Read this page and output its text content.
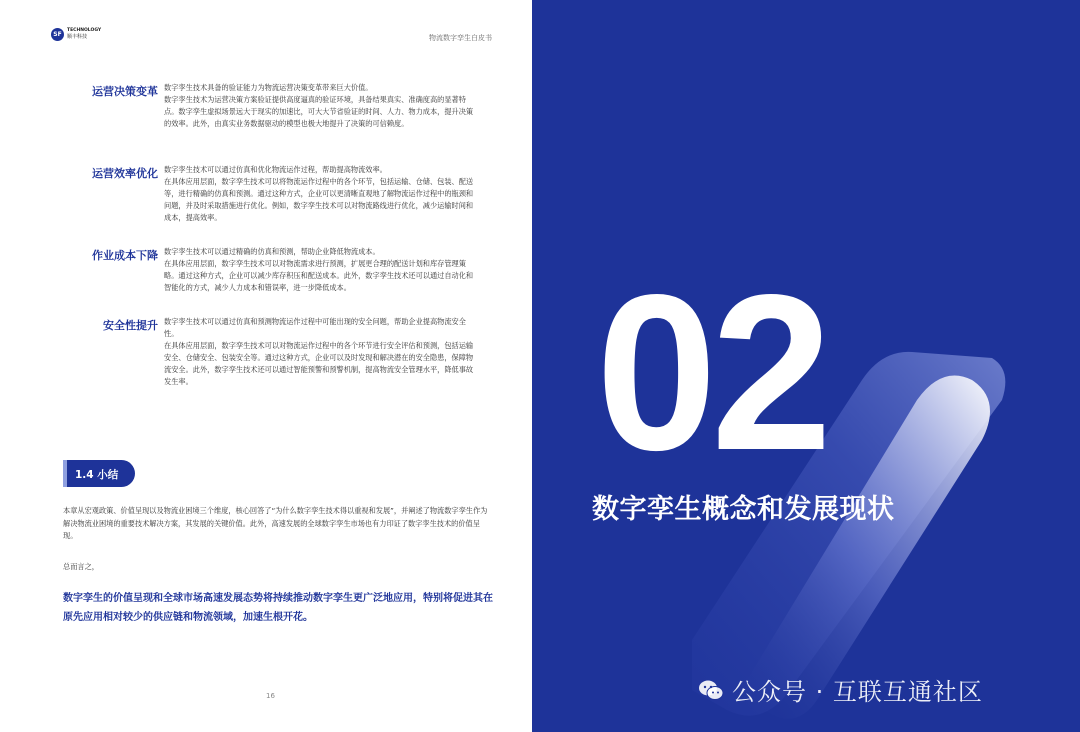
SF
TECHNOLOGY
顺丰科技	物流数字孪生白皮书
运营决策变革 数字孪生技术具备的验证能力为物流运营决策变革带来巨大价值。

数字孪生技术为运营决策方案验证提供高度逼真的验证环境，具备结果真实、准确度高的显著特点。数字孪生虚拟场景远大于现实的加速比，可大大节省验证的时间、人力、物力成本，提升决策的效率。此外，由真实业务数据驱动的模型也极大地提升了决策的可信赖度。

运营效率优化 数字孪生技术可以通过仿真和优化物流运作过程，帮助提高物流效率。

在具体应用层面，数字孪生技术可以将物流运作过程中的各个环节，包括运输、仓储、包装、配送等，进行精确的仿真和预测。通过这种方式，企业可以更清晰直观地了解物流运作过程中的瓶颈和问题，并及时采取措施进行优化。例如，数字孪生技术可以对物流路线进行优化，减少运输时间和成本，提高效率。

作业成本下降 数字孪生技术可以通过精确的仿真和预测，帮助企业降低物流成本。

在具体应用层面，数字孪生技术可以对物流需求进行预测，扩展更合理的配送计划和库存管理策略。通过这种方式，企业可以减少库存积压和配送成本。此外，数字孪生技术还可以通过自动化和智能化的方式，减少人力成本和错误率，进一步降低成本。

安全性提升 数字孪生技术可以通过仿真和预测物流运作过程中可能出现的安全问题，帮助企业提高物流安全性。

在具体应用层面，数字孪生技术可以对物流运作过程中的各个环节进行安全评估和预测，包括运输安全、仓储安全、包装安全等。通过这种方式，企业可以及时发现和解决潜在的安全隐患，保障物流安全。此外，数字孪生技术还可以通过智能预警和预警机制，提高物流安全管理水平，降低事故发生率。

1.4 小结

本章从宏观政策、价值呈现以及物流业困境三个维度，核心回答了“为什么数字孪生技术得以重视和发展”，并阐述了物流数字孪生作为解决物流业困境的重要技术解决方案，其发展的关键价值。此外，高速发展的全球数字孪生市场也有力印证了数字孪生技术的价值呈现。

总而言之，
数字孪生的价值呈现和全球市场高速发展态势将持续推动数字孪生更广泛地应用，特别将促进其在原先应用相对较少的供应链和物流领域，加速生根开花。
16
02
数字孪生概念和发展现状
公众号 · 互联互通社区
